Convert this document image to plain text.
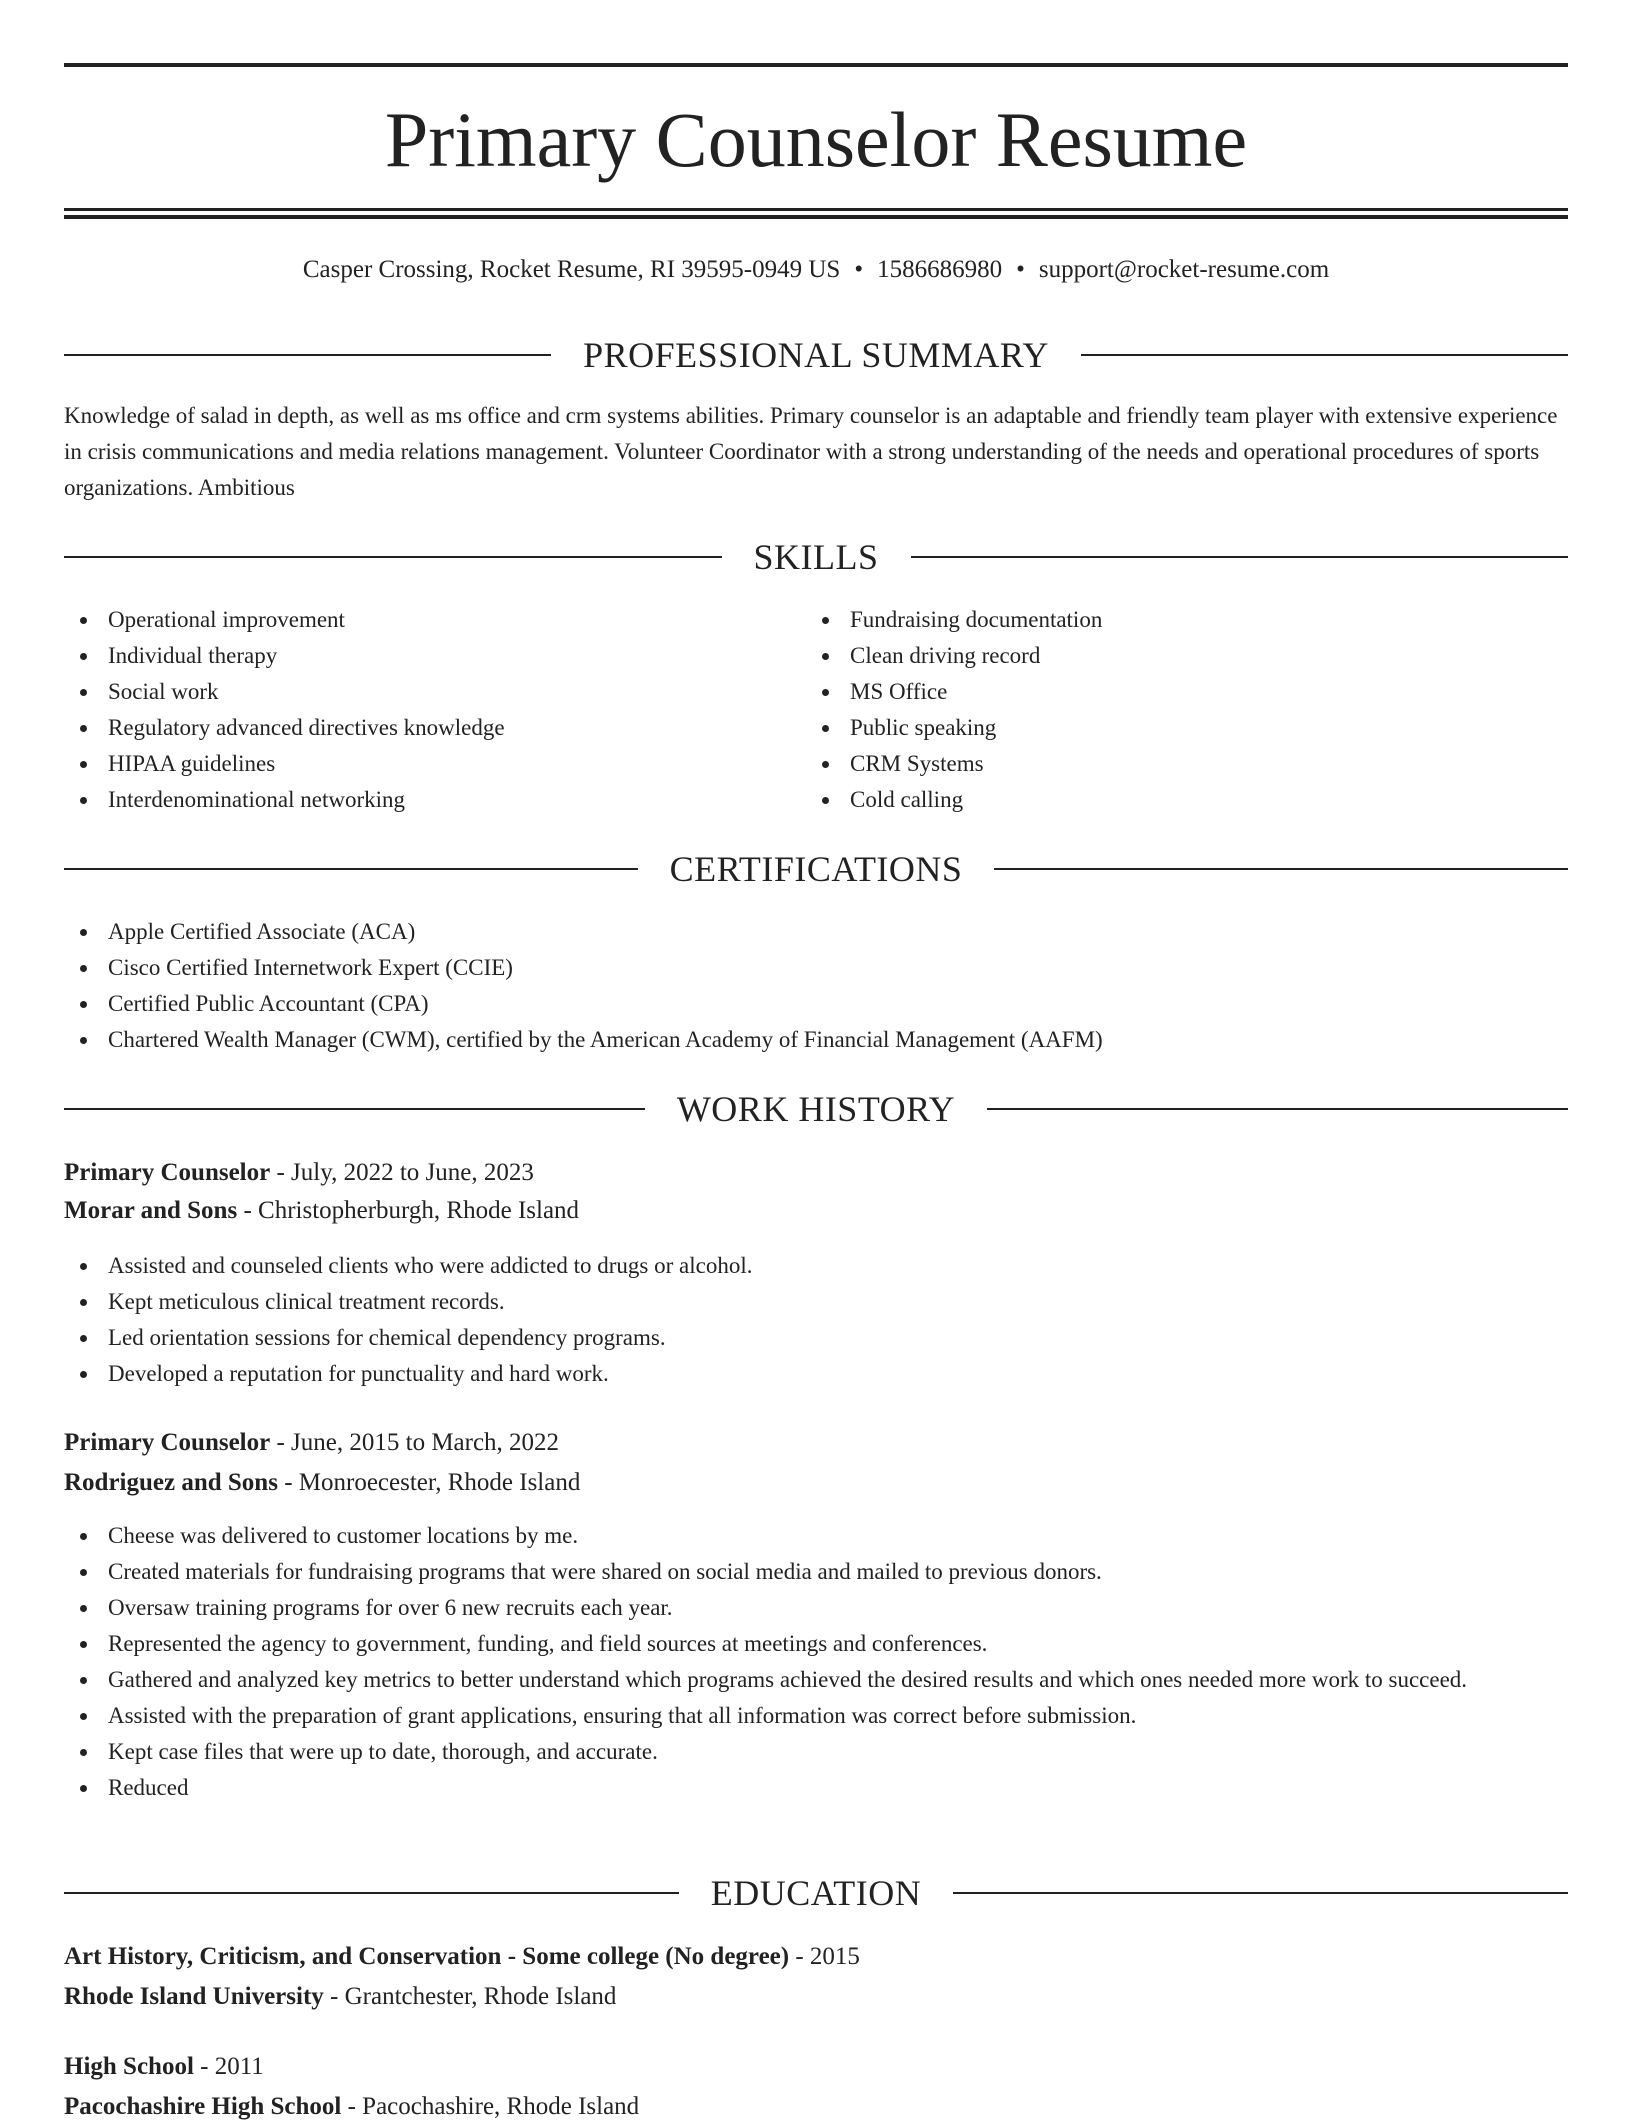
Primary Counselor Resume
Casper Crossing, Rocket Resume, RI 39595-0949 US • 1586686980 • support@rocket-resume.com
PROFESSIONAL SUMMARY

Knowledge of salad in depth, as well as ms office and crm systems abilities. Primary counselor is an adaptable and friendly team player with extensive experience in crisis communications and media relations management. Volunteer Coordinator with a strong understanding of the needs and operational procedures of sports organizations. Ambitious

SKILLS
Operational improvement
Individual therapy
Social work
Regulatory advanced directives knowledge
HIPAA guidelines
Interdenominational networking
Fundraising documentation
Clean driving record
MS Office
Public speaking
CRM Systems
Cold calling
CERTIFICATIONS
Apple Certified Associate (ACA)
Cisco Certified Internetwork Expert (CCIE)
Certified Public Accountant (CPA)
Chartered Wealth Manager (CWM), certified by the American Academy of Financial Management (AAFM)
WORK HISTORY
Primary Counselor - July, 2022 to June, 2023
Morar and Sons - Christopherburgh, Rhode Island
Assisted and counseled clients who were addicted to drugs or alcohol.
Kept meticulous clinical treatment records.
Led orientation sessions for chemical dependency programs.
Developed a reputation for punctuality and hard work.
Primary Counselor - June, 2015 to March, 2022
Rodriguez and Sons - Monroecester, Rhode Island
Cheese was delivered to customer locations by me.
Created materials for fundraising programs that were shared on social media and mailed to previous donors.
Oversaw training programs for over 6 new recruits each year.
Represented the agency to government, funding, and field sources at meetings and conferences.
Gathered and analyzed key metrics to better understand which programs achieved the desired results and which ones needed more work to succeed.
Assisted with the preparation of grant applications, ensuring that all information was correct before submission.
Kept case files that were up to date, thorough, and accurate.
Reduced
EDUCATION
Art History, Criticism, and Conservation - Some college (No degree) - 2015
Rhode Island University - Grantchester, Rhode Island
High School - 2011
Pacochashire High School - Pacochashire, Rhode Island
